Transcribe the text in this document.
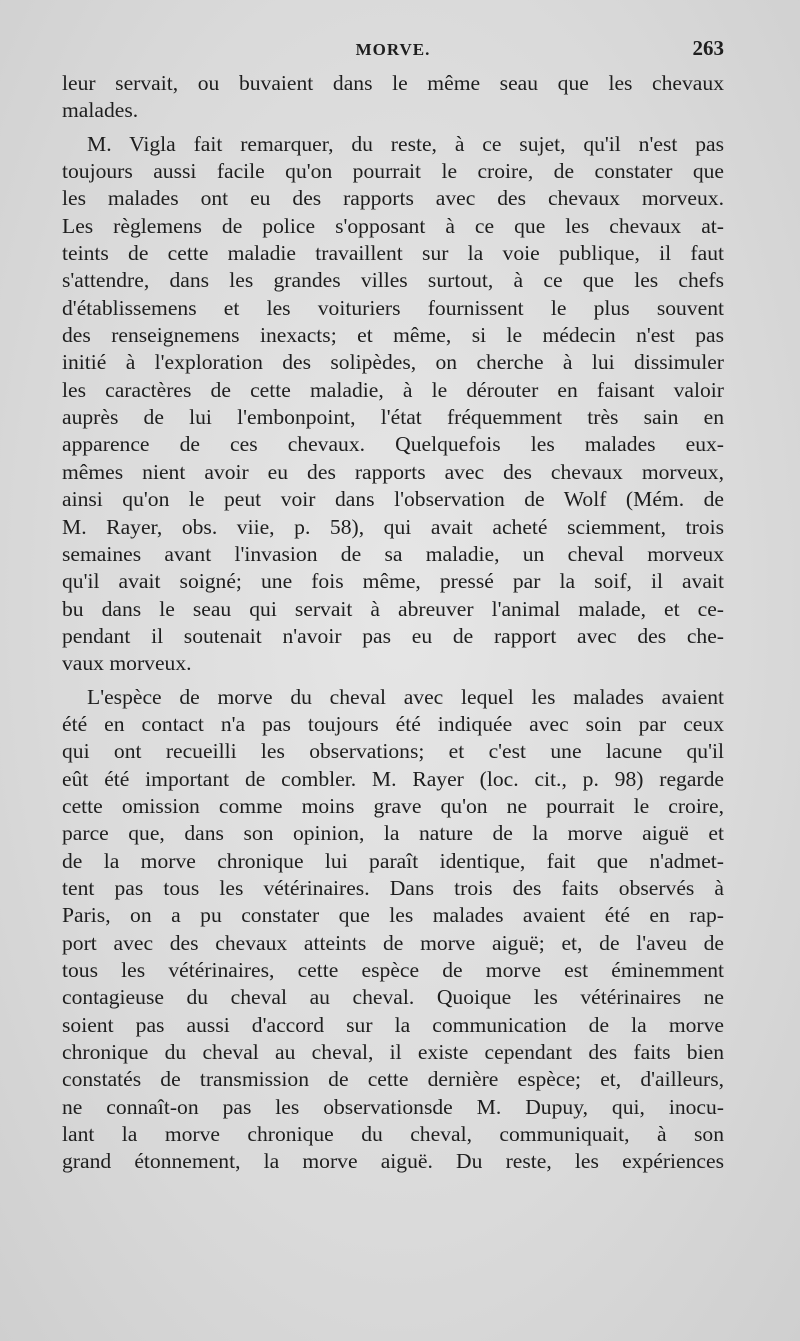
MORVE.	263
leur servait, ou buvaient dans le même seau que les chevaux
malades.
M. Vigla fait remarquer, du reste, à ce sujet, qu'il n'est pas
toujours aussi facile qu'on pourrait le croire, de constater que
les malades ont eu des rapports avec des chevaux morveux.
Les règlemens de police s'opposant à ce que les chevaux at-
teints de cette maladie travaillent sur la voie publique, il faut
s'attendre, dans les grandes villes surtout, à ce que les chefs
d'établissemens et les voituriers fournissent le plus souvent
des renseignemens inexacts; et même, si le médecin n'est pas
initié à l'exploration des solipèdes, on cherche à lui dissimuler
les caractères de cette maladie, à le dérouter en faisant valoir
auprès de lui l'embonpoint, l'état fréquemment très sain en
apparence de ces chevaux. Quelquefois les malades eux-
mêmes nient avoir eu des rapports avec des chevaux morveux,
ainsi qu'on le peut voir dans l'observation de Wolf (Mém. de
M. Rayer, obs. viie, p. 58), qui avait acheté sciemment, trois
semaines avant l'invasion de sa maladie, un cheval morveux
qu'il avait soigné; une fois même, pressé par la soif, il avait
bu dans le seau qui servait à abreuver l'animal malade, et ce-
pendant il soutenait n'avoir pas eu de rapport avec des che-
vaux morveux.
L'espèce de morve du cheval avec lequel les malades avaient
été en contact n'a pas toujours été indiquée avec soin par ceux
qui ont recueilli les observations; et c'est une lacune qu'il
eût été important de combler. M. Rayer (loc. cit., p. 98) regarde
cette omission comme moins grave qu'on ne pourrait le croire,
parce que, dans son opinion, la nature de la morve aiguë et
de la morve chronique lui paraît identique, fait que n'admet-
tent pas tous les vétérinaires. Dans trois des faits observés à
Paris, on a pu constater que les malades avaient été en rap-
port avec des chevaux atteints de morve aiguë; et, de l'aveu de
tous les vétérinaires, cette espèce de morve est éminemment
contagieuse du cheval au cheval. Quoique les vétérinaires ne
soient pas aussi d'accord sur la communication de la morve
chronique du cheval au cheval, il existe cependant des faits bien
constatés de transmission de cette dernière espèce; et, d'ailleurs,
ne connaît-on pas les observationsde M. Dupuy, qui, inocu-
lant la morve chronique du cheval, communiquait, à son
grand étonnement, la morve aiguë. Du reste, les expériences
